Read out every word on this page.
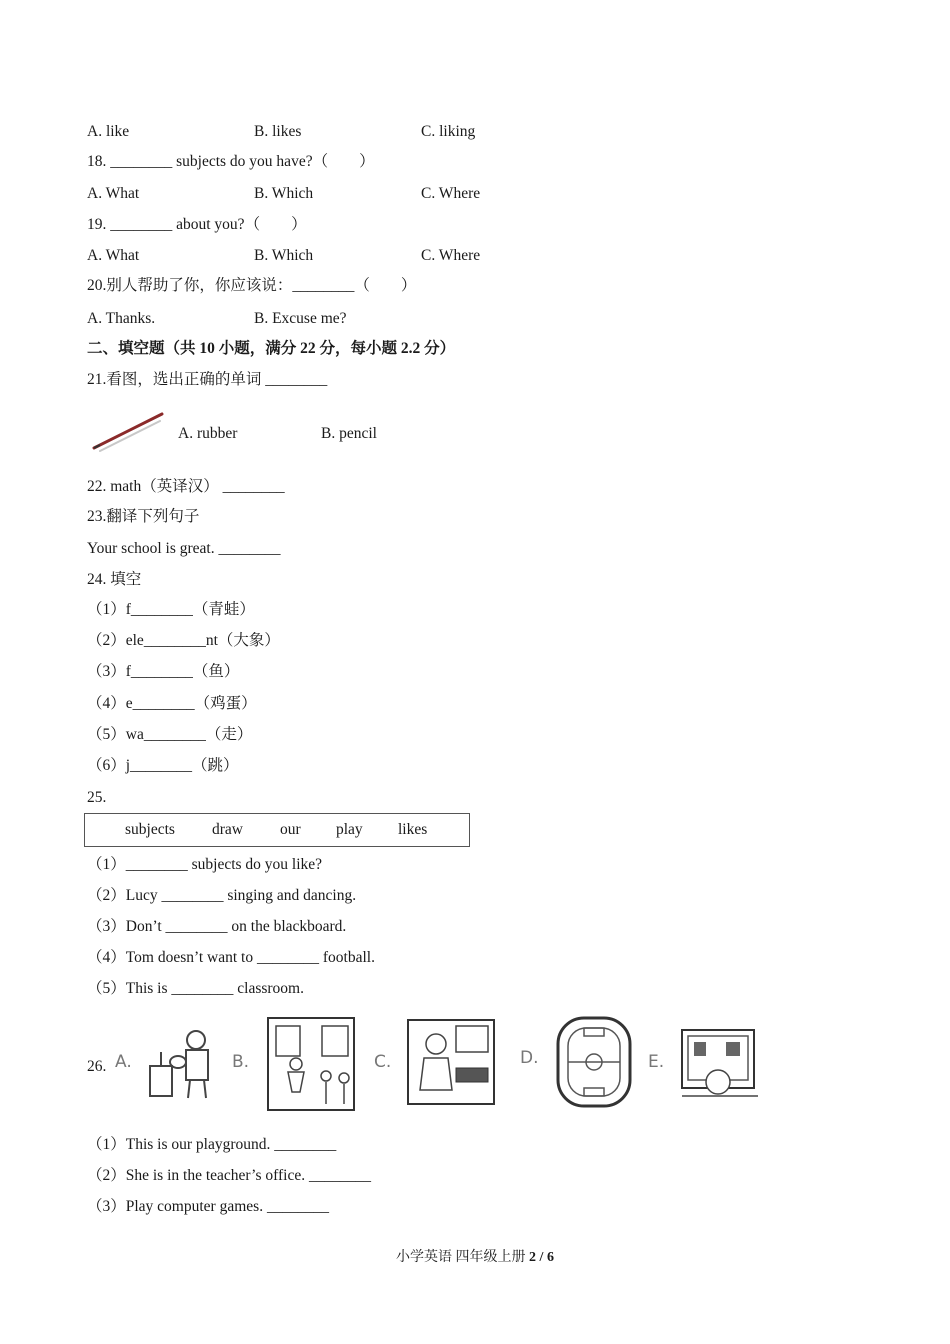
A. like	B. likes	C. liking
18. ________ subjects do you have?（　　）
A. What	B. Which	C. Where
19. ________ about you?（　　）
A. What	B. Which	C. Where
20.别人帮助了你，你应该说：________（　　）
A. Thanks.	B. Excuse me?
二、填空题（共 10 小题，满分 22 分，每小题 2.2 分）
21.看图，选出正确的单词 ________
A. rubber	B. pencil
22. math（英译汉） ________
23.翻译下列句子
Your school is great. ________
24. 填空
（1）f________（青蛙）
（2）ele________nt（大象）
（3）f________（鱼）
（4）e________（鸡蛋）
（5）wa________（走）
（6）j________（跳）
25.
subjects draw our play likes
（1）________ subjects do you like?
（2）Lucy ________ singing and dancing.
（3）Don’t ________ on the blackboard.
（4）Tom doesn’t want to ________ football.
（5）This is ________ classroom.
26. A.	B.	C.	D.	E.
（1）This is our playground. ________
（2）She is in the teacher’s office. ________
（3）Play computer games. ________
小学英语 四年级上册 2 / 6
